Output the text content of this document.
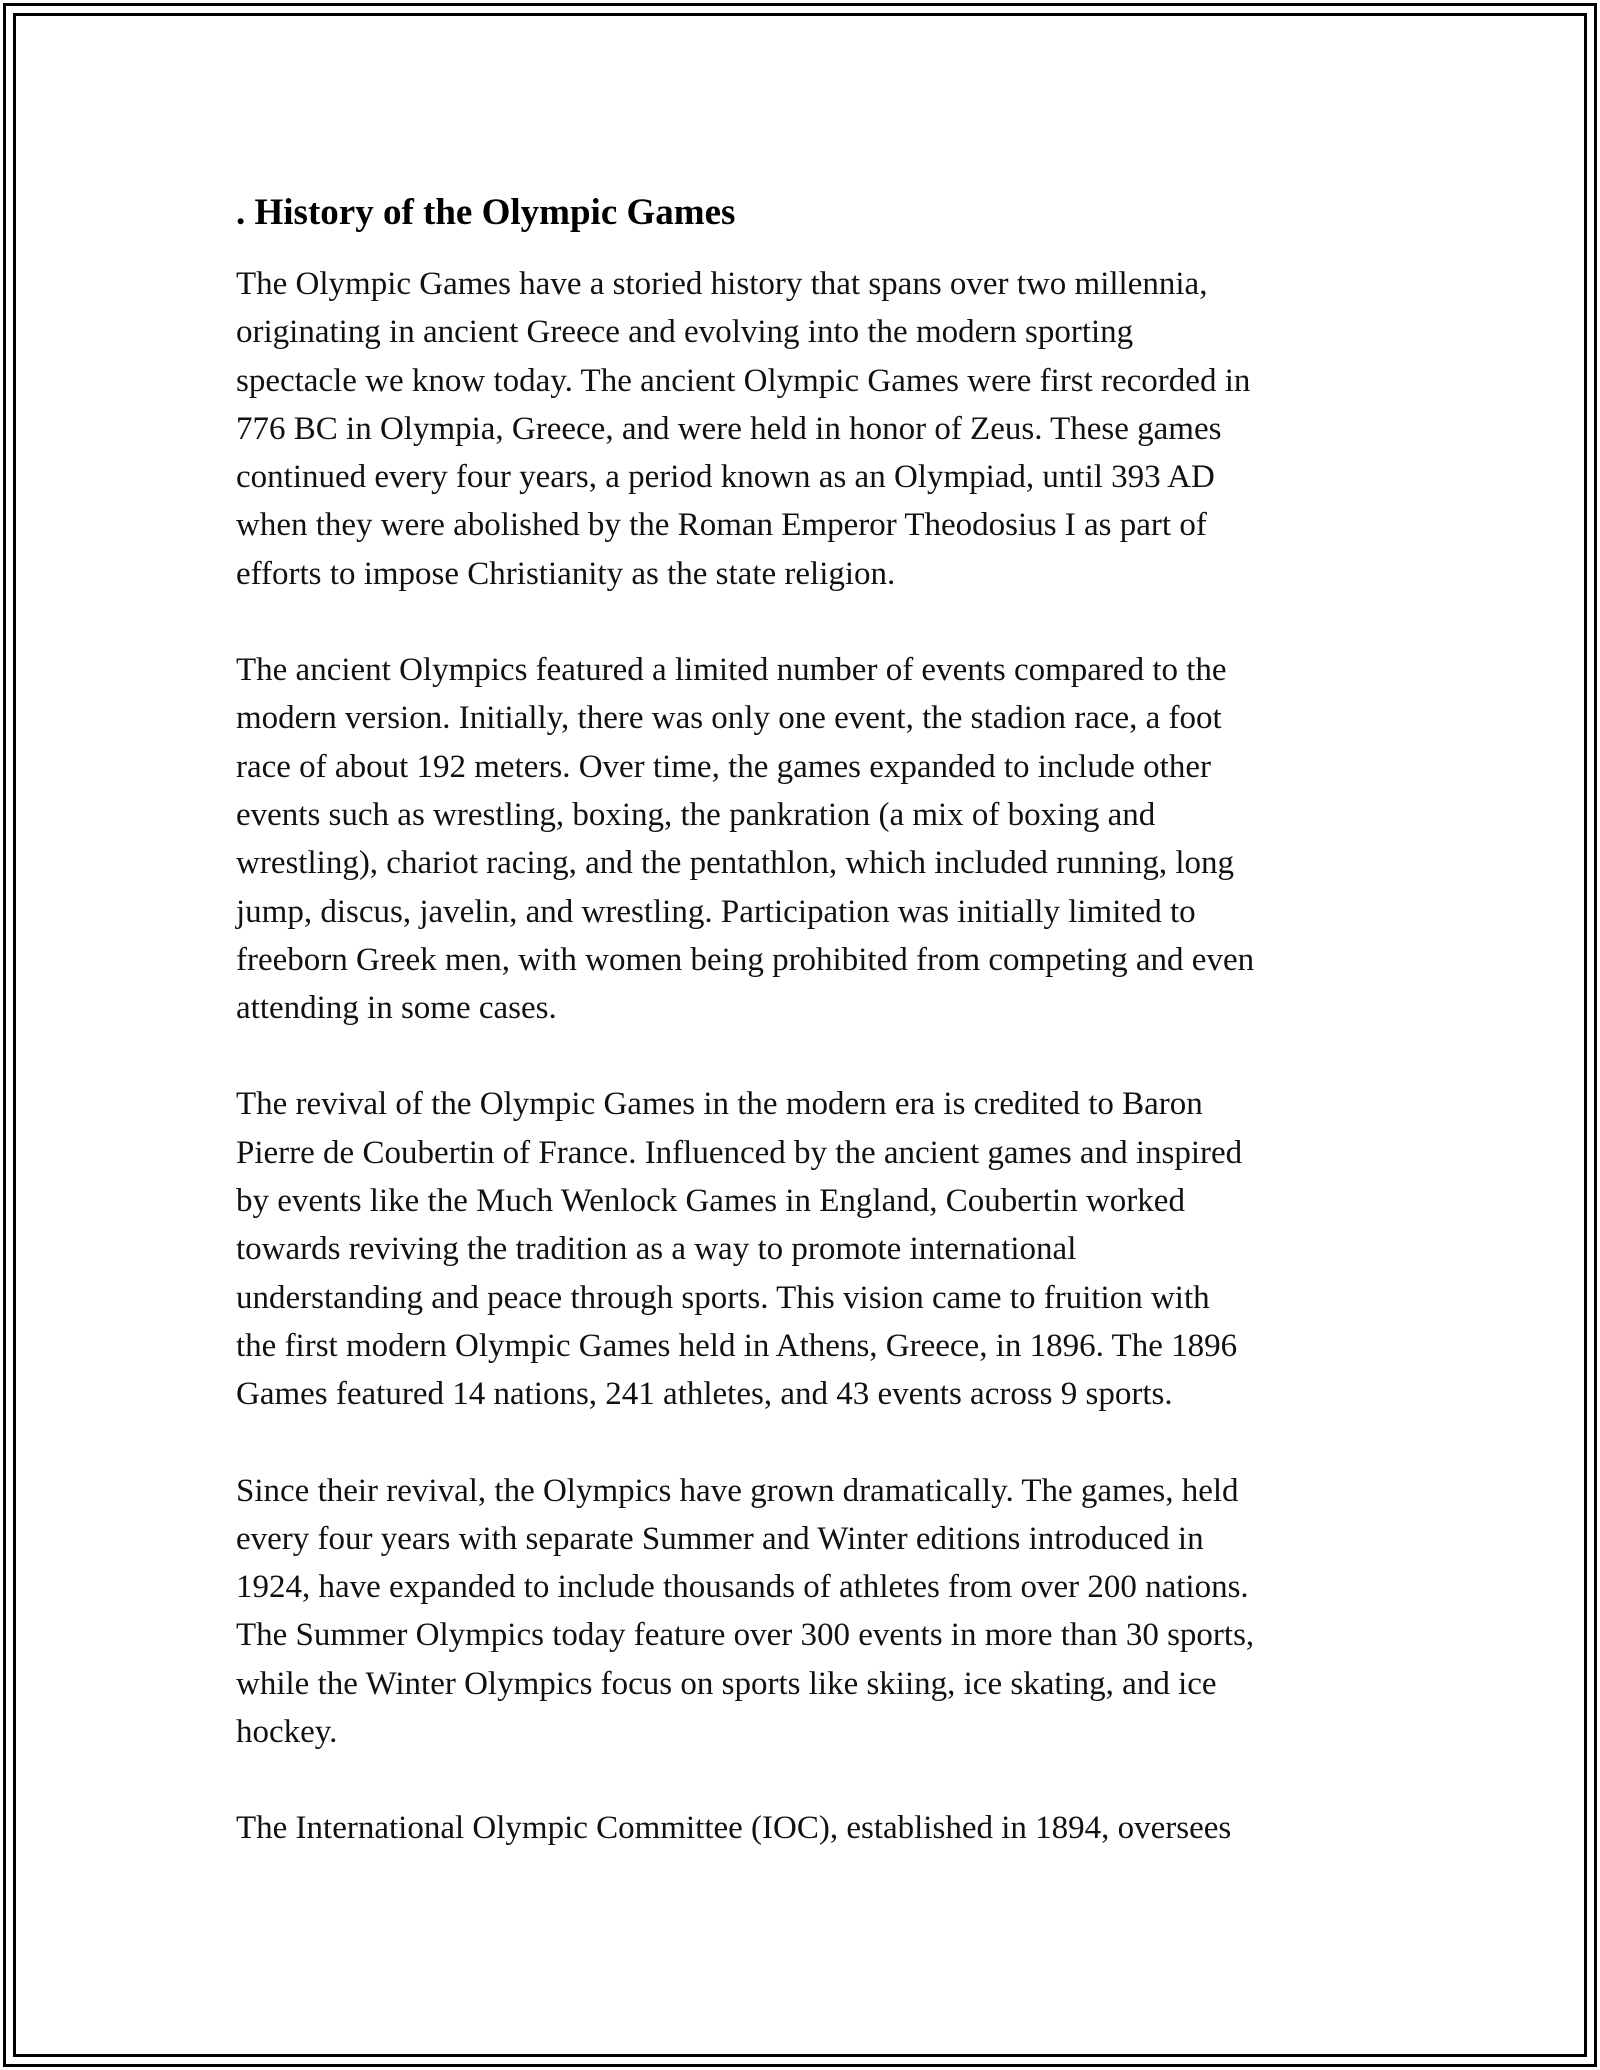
. History of the Olympic Games

The Olympic Games have a storied history that spans over two millennia,
originating in ancient Greece and evolving into the modern sporting
spectacle we know today. The ancient Olympic Games were first recorded in
776 BC in Olympia, Greece, and were held in honor of Zeus. These games
continued every four years, a period known as an Olympiad, until 393 AD
when they were abolished by the Roman Emperor Theodosius I as part of
efforts to impose Christianity as the state religion.

The ancient Olympics featured a limited number of events compared to the
modern version. Initially, there was only one event, the stadion race, a foot
race of about 192 meters. Over time, the games expanded to include other
events such as wrestling, boxing, the pankration (a mix of boxing and
wrestling), chariot racing, and the pentathlon, which included running, long
jump, discus, javelin, and wrestling. Participation was initially limited to
freeborn Greek men, with women being prohibited from competing and even
attending in some cases.

The revival of the Olympic Games in the modern era is credited to Baron
Pierre de Coubertin of France. Influenced by the ancient games and inspired
by events like the Much Wenlock Games in England, Coubertin worked
towards reviving the tradition as a way to promote international
understanding and peace through sports. This vision came to fruition with
the first modern Olympic Games held in Athens, Greece, in 1896. The 1896
Games featured 14 nations, 241 athletes, and 43 events across 9 sports.

Since their revival, the Olympics have grown dramatically. The games, held
every four years with separate Summer and Winter editions introduced in
1924, have expanded to include thousands of athletes from over 200 nations.
The Summer Olympics today feature over 300 events in more than 30 sports,
while the Winter Olympics focus on sports like skiing, ice skating, and ice
hockey.

The International Olympic Committee (IOC), established in 1894, oversees
